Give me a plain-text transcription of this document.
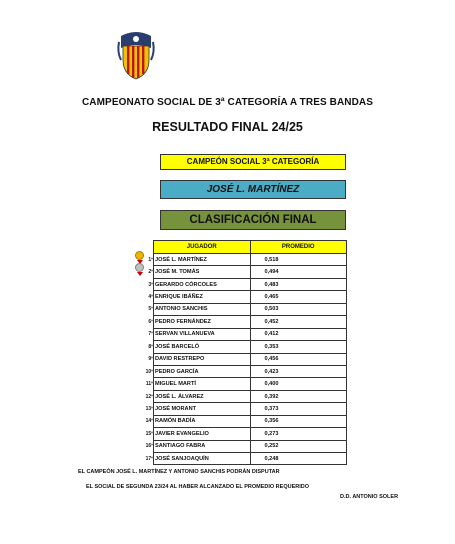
CAMPEONATO SOCIAL DE 3ª CATEGORÍA A TRES BANDAS
RESULTADO FINAL 24/25
CAMPEÓN SOCIAL 3ª CATEGORÍA
JOSÉ L. MARTÍNEZ
CLASIFICACIÓN FINAL
	JUGADOR	PROMEDIO
1º	JOSÉ L. MARTÍNEZ	0,518
2º	JOSÉ M. TOMÁS	0,494
3º	GERARDO CÓRCOLES	0,483
4º	ENRIQUE IBÁÑEZ	0,465
5º	ANTONIO SANCHIS	0,503
6º	PEDRO FERNÁNDEZ	0,452
7º	SERVAN VILLANUEVA	0,412
8º	JOSÉ BARCELÓ	0,353
9º	DAVID RESTREPO	0,456
10º	PEDRO GARCÍA	0,423
11º	MIGUEL MARTÍ	0,400
12º	JOSÉ L. ÁLVAREZ	0,392
13º	JOSÉ MORANT	0,373
14º	RAMÓN BADÍA	0,356
15º	JAVIER EVANGELIO	0,273
16º	SANTIAGO FABRA	0,252
17º	JOSÉ SANJOAQUÍN	0,248
EL CAMPEÓN JOSÉ L. MARTÍNEZ Y ANTONIO SANCHIS PODRÁN DISPUTAR
EL SOCIAL DE SEGUNDA 23/24 AL HABER ALCANZADO EL PROMEDIO REQUERIDO
D.D. ANTONIO SOLER
